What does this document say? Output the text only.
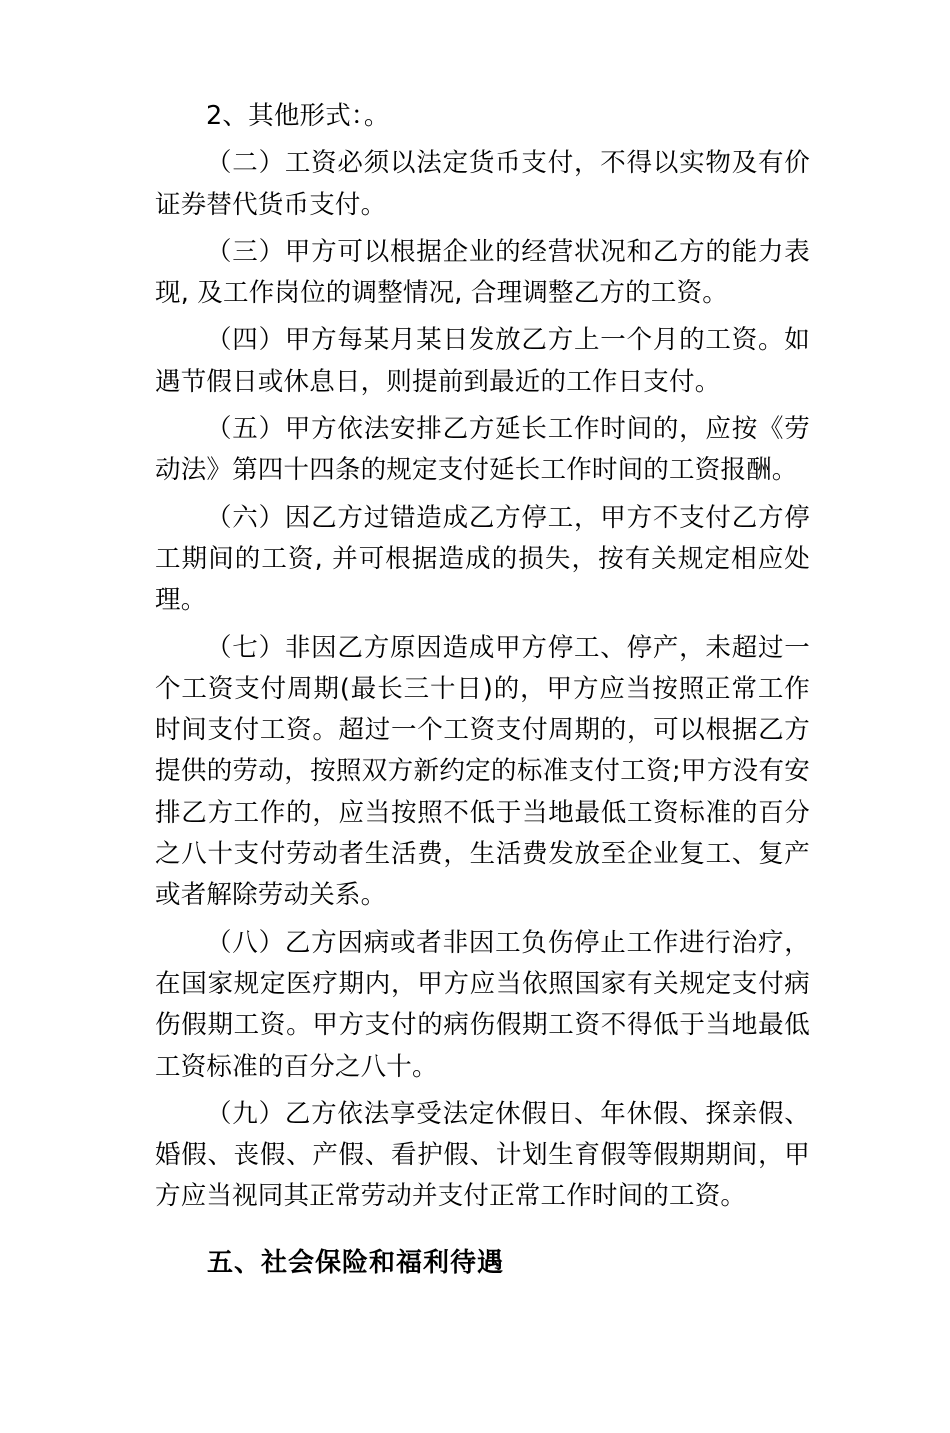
2、其他形式：。

（二）工资必须以法定货币支付，不得以实物及有价证券替代货币支付。

（三）甲方可以根据企业的经营状况和乙方的能力表现, 及工作岗位的调整情况, 合理调整乙方的工资。

（四）甲方每某月某日发放乙方上一个月的工资。如遇节假日或休息日，则提前到最近的工作日支付。

（五）甲方依法安排乙方延长工作时间的，应按《劳动法》第四十四条的规定支付延长工作时间的工资报酬。

（六）因乙方过错造成乙方停工，甲方不支付乙方停工期间的工资, 并可根据造成的损失，按有关规定相应处理。

（七）非因乙方原因造成甲方停工、停产，未超过一个工资支付周期(最长三十日)的，甲方应当按照正常工作时间支付工资。超过一个工资支付周期的，可以根据乙方提供的劳动，按照双方新约定的标准支付工资;甲方没有安排乙方工作的，应当按照不低于当地最低工资标准的百分之八十支付劳动者生活费，生活费发放至企业复工、复产或者解除劳动关系。

（八）乙方因病或者非因工负伤停止工作进行治疗，在国家规定医疗期内，甲方应当依照国家有关规定支付病伤假期工资。甲方支付的病伤假期工资不得低于当地最低工资标准的百分之八十。

（九）乙方依法享受法定休假日、年休假、探亲假、婚假、丧假、产假、看护假、计划生育假等假期期间，甲方应当视同其正常劳动并支付正常工作时间的工资。

五、社会保险和福利待遇
